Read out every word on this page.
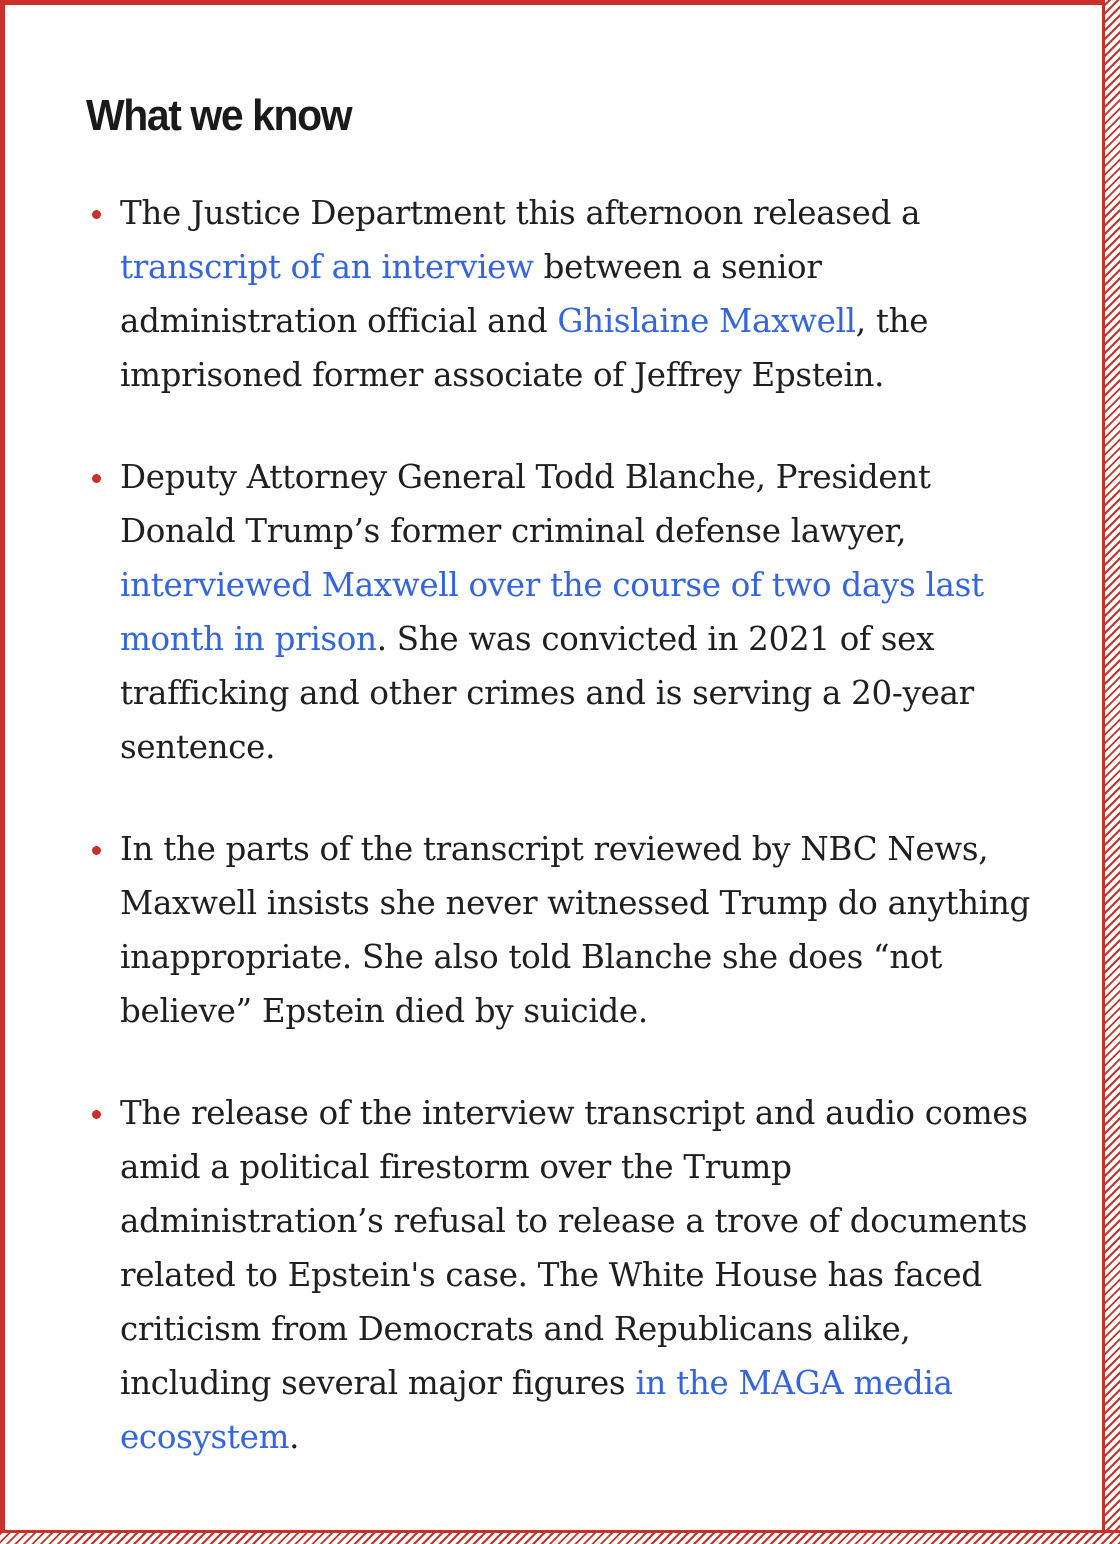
What we know
The Justice Department this afternoon released a transcript of an interview between a senior administration official and Ghislaine Maxwell, the imprisoned former associate of Jeffrey Epstein.
Deputy Attorney General Todd Blanche, President Donald Trump’s former criminal defense lawyer, interviewed Maxwell over the course of two days last month in prison. She was convicted in 2021 of sex trafficking and other crimes and is serving a 20-year sentence.
In the parts of the transcript reviewed by NBC News, Maxwell insists she never witnessed Trump do anything inappropriate. She also told Blanche she does “not believe” Epstein died by suicide.
The release of the interview transcript and audio comes amid a political firestorm over the Trump administration’s refusal to release a trove of documents related to Epstein's case. The White House has faced criticism from Democrats and Republicans alike, including several major figures in the MAGA media ecosystem.
